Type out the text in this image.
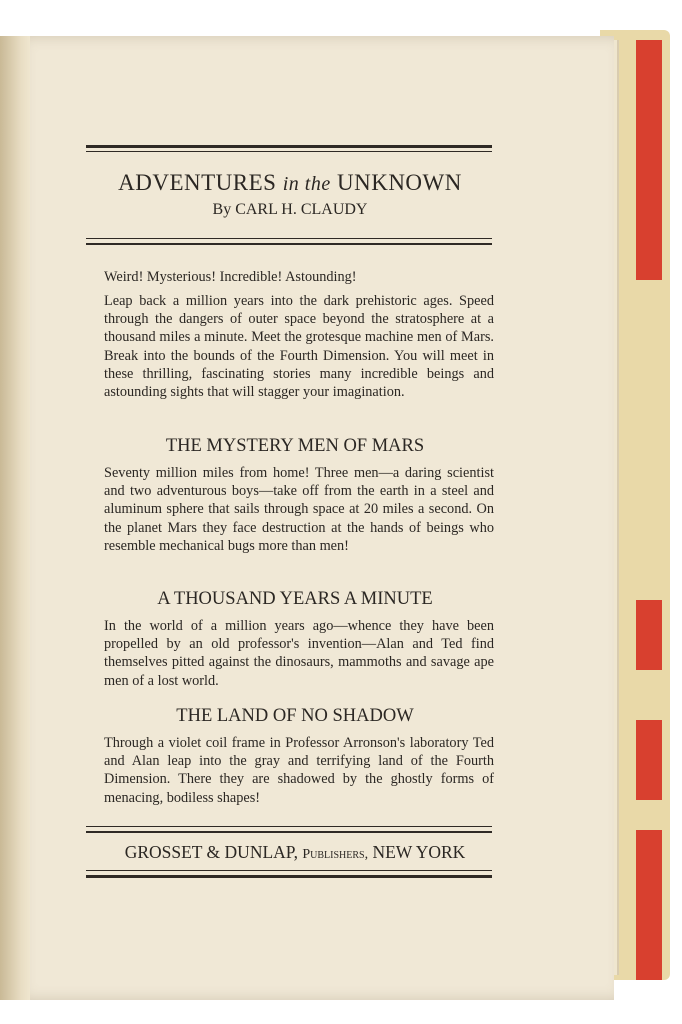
ADVENTURES in the UNKNOWN
By CARL H. CLAUDY
Weird! Mysterious! Incredible! Astounding!
Leap back a million years into the dark prehistoric ages. Speed through the dangers of outer space beyond the stratosphere at a thousand miles a minute. Meet the grotesque machine men of Mars. Break into the bounds of the Fourth Dimension. You will meet in these thrilling, fascinating stories many incredible beings and astounding sights that will stagger your imagination.
THE MYSTERY MEN OF MARS
Seventy million miles from home! Three men—a daring scientist and two adventurous boys—take off from the earth in a steel and aluminum sphere that sails through space at 20 miles a second. On the planet Mars they face destruction at the hands of beings who resemble mechanical bugs more than men!
A THOUSAND YEARS A MINUTE
In the world of a million years ago—whence they have been propelled by an old professor's invention—Alan and Ted find themselves pitted against the dinosaurs, mammoths and savage ape men of a lost world.
THE LAND OF NO SHADOW
Through a violet coil frame in Professor Arronson's laboratory Ted and Alan leap into the gray and terrifying land of the Fourth Dimension. There they are shadowed by the ghostly forms of menacing, bodiless shapes!
GROSSET & DUNLAP, Publishers, NEW YORK
